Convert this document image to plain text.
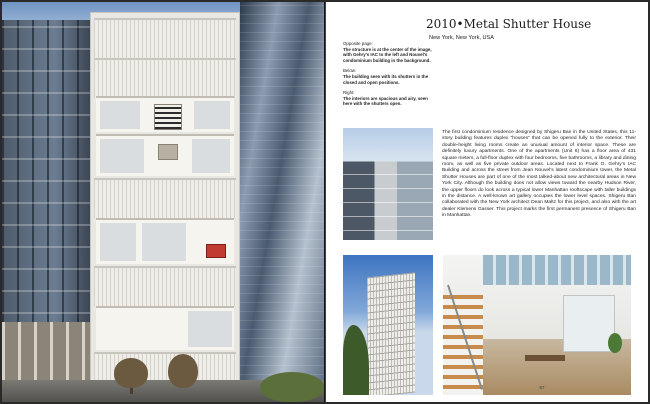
2010•Metal Shutter House
New York, New York, USA
Opposite page:
The structure is at the center of the image, with Gehry's IAC to the left and Nouvel's condominium building in the background.
Below:
The building seen with its shutters in the closed and open positions.
Right:
The interiors are spacious and airy, seen here with the shutters open.
The first condominium residence designed by Shigeru Ban in the United States, this 11-story building features duplex “houses” that can be opened fully to the exterior. Their double-height living rooms create an unusual amount of interior space. These are definitely luxury apartments. One of the apartments (Unit 6) has a floor area of 431 square meters, a full-floor duplex with four bedrooms, five bathrooms, a library and dining room, as well as five private outdoor areas. Located next to Frank O. Gehry’s IAC Building and across the street from Jean Nouvel’s latest condominium tower, the Metal Shutter Houses are part of one of the most talked-about new architectural areas in New York City. Although the building does not allow views toward the nearby Hudson River, the upper floors do look across a typical lower Manhattan rooftscape with taller buildings in the distance. A well-known art gallery occupies the lower level spaces. Shigeru Ban collaborated with the New York architect Dean Maltz for this project, and also with the art dealer Klemens Gasser. This project marks the first permanent presence of Shigeru Ban in Manhattan.
87
